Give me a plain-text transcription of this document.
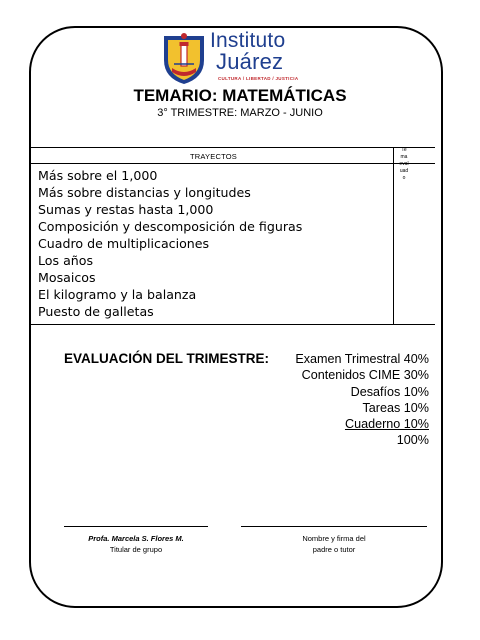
Instituto
Juárez
CULTURA / LIBERTAD / JUSTICIA
TEMARIO: MATEMÁTICAS
3° TRIMESTRE: MARZO - JUNIO
TRAYECTOS
Te
ma
eval
uad
o
Más sobre el 1,000
Más sobre distancias y longitudes
Sumas y restas hasta 1,000
Composición y descomposición de figuras
Cuadro de multiplicaciones
Los años
Mosaicos
El kilogramo y la balanza
Puesto de galletas
EVALUACIÓN DEL TRIMESTRE: Examen Trimestral 40%
Contenidos CIME 30%
Desafíos 10%
Tareas 10%
Cuaderno 10%
100%
Profa. Marcela S. Flores M.
Titular de grupo
Nombre y firma del
padre o tutor
